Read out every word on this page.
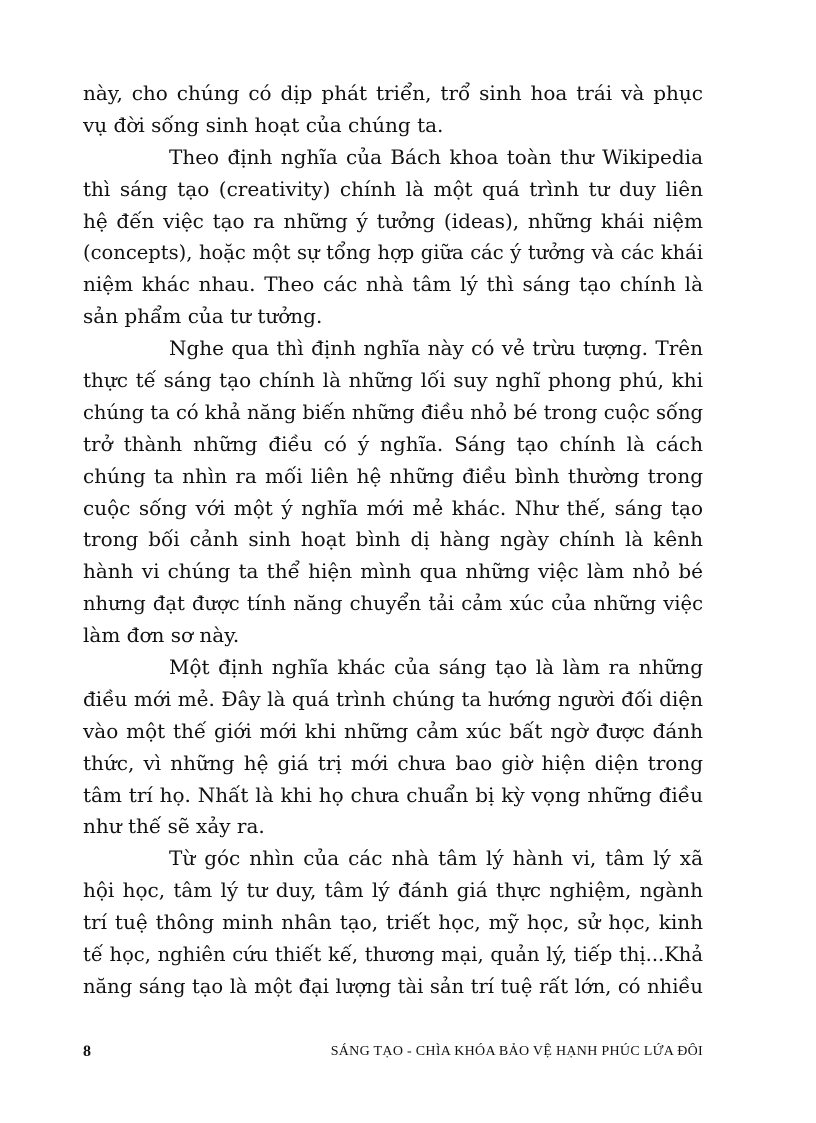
này, cho chúng có dịp phát triển, trổ sinh hoa trái và phục
vụ đời sống sinh hoạt của chúng ta.
Theo định nghĩa của Bách khoa toàn thư Wikipedia
thì sáng tạo (creativity) chính là một quá trình tư duy liên
hệ đến việc tạo ra những ý tưởng (ideas), những khái niệm
(concepts), hoặc một sự tổng hợp giữa các ý tưởng và các khái
niệm khác nhau. Theo các nhà tâm lý thì sáng tạo chính là
sản phẩm của tư tưởng.
Nghe qua thì định nghĩa này có vẻ trừu tượng. Trên
thực tế sáng tạo chính là những lối suy nghĩ phong phú, khi
chúng ta có khả năng biến những điều nhỏ bé trong cuộc sống
trở thành những điều có ý nghĩa. Sáng tạo chính là cách
chúng ta nhìn ra mối liên hệ những điều bình thường trong
cuộc sống với một ý nghĩa mới mẻ khác. Như thế, sáng tạo
trong bối cảnh sinh hoạt bình dị hàng ngày chính là kênh
hành vi chúng ta thể hiện mình qua những việc làm nhỏ bé
nhưng đạt được tính năng chuyển tải cảm xúc của những việc
làm đơn sơ này.
Một định nghĩa khác của sáng tạo là làm ra những
điều mới mẻ. Đây là quá trình chúng ta hướng người đối diện
vào một thế giới mới khi những cảm xúc bất ngờ được đánh
thức, vì những hệ giá trị mới chưa bao giờ hiện diện trong
tâm trí họ. Nhất là khi họ chưa chuẩn bị kỳ vọng những điều
như thế sẽ xảy ra.
Từ góc nhìn của các nhà tâm lý hành vi, tâm lý xã
hội học, tâm lý tư duy, tâm lý đánh giá thực nghiệm, ngành
trí tuệ thông minh nhân tạo, triết học, mỹ học, sử học, kinh
tế học, nghiên cứu thiết kế, thương mại, quản lý, tiếp thị...Khả
năng sáng tạo là một đại lượng tài sản trí tuệ rất lớn, có nhiều
8	SÁNG TẠO - CHÌA KHÓA BẢO VỆ HẠNH PHÚC LỨA ĐÔI
